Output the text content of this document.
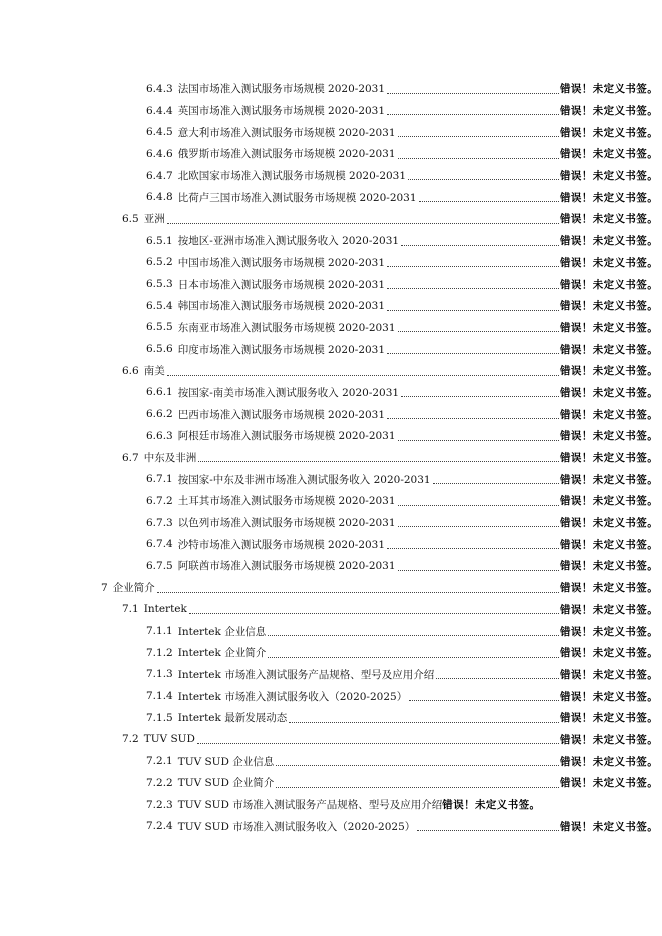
6.4.3 法国市场准入测试服务市场规模 2020-2031	错误！未定义书签。
6.4.4 英国市场准入测试服务市场规模 2020-2031	错误！未定义书签。
6.4.5 意大利市场准入测试服务市场规模 2020-2031	错误！未定义书签。
6.4.6 俄罗斯市场准入测试服务市场规模 2020-2031	错误！未定义书签。
6.4.7 北欧国家市场准入测试服务市场规模 2020-2031	错误！未定义书签。
6.4.8 比荷卢三国市场准入测试服务市场规模 2020-2031	错误！未定义书签。
6.5 亚洲	错误！未定义书签。
6.5.1 按地区-亚洲市场准入测试服务收入 2020-2031	错误！未定义书签。
6.5.2 中国市场准入测试服务市场规模 2020-2031	错误！未定义书签。
6.5.3 日本市场准入测试服务市场规模 2020-2031	错误！未定义书签。
6.5.4 韩国市场准入测试服务市场规模 2020-2031	错误！未定义书签。
6.5.5 东南亚市场准入测试服务市场规模 2020-2031	错误！未定义书签。
6.5.6 印度市场准入测试服务市场规模 2020-2031	错误！未定义书签。
6.6 南美	错误！未定义书签。
6.6.1 按国家-南美市场准入测试服务收入 2020-2031	错误！未定义书签。
6.6.2 巴西市场准入测试服务市场规模 2020-2031	错误！未定义书签。
6.6.3 阿根廷市场准入测试服务市场规模 2020-2031	错误！未定义书签。
6.7 中东及非洲	错误！未定义书签。
6.7.1 按国家-中东及非洲市场准入测试服务收入 2020-2031	错误！未定义书签。
6.7.2 土耳其市场准入测试服务市场规模 2020-2031	错误！未定义书签。
6.7.3 以色列市场准入测试服务市场规模 2020-2031	错误！未定义书签。
6.7.4 沙特市场准入测试服务市场规模 2020-2031	错误！未定义书签。
6.7.5 阿联酋市场准入测试服务市场规模 2020-2031	错误！未定义书签。
7 企业简介	错误！未定义书签。
7.1 Intertek	错误！未定义书签。
7.1.1 Intertek 企业信息	错误！未定义书签。
7.1.2 Intertek 企业简介	错误！未定义书签。
7.1.3 Intertek 市场准入测试服务产品规格、型号及应用介绍	错误！未定义书签。
7.1.4 Intertek 市场准入测试服务收入（2020-2025）	错误！未定义书签。
7.1.5 Intertek 最新发展动态	错误！未定义书签。
7.2 TUV SUD	错误！未定义书签。
7.2.1 TUV SUD 企业信息	错误！未定义书签。
7.2.2 TUV SUD 企业简介	错误！未定义书签。
7.2.3 TUV SUD 市场准入测试服务产品规格、型号及应用介绍 错误！未定义书签。
7.2.4 TUV SUD 市场准入测试服务收入（2020-2025）	错误！未定义书签。
